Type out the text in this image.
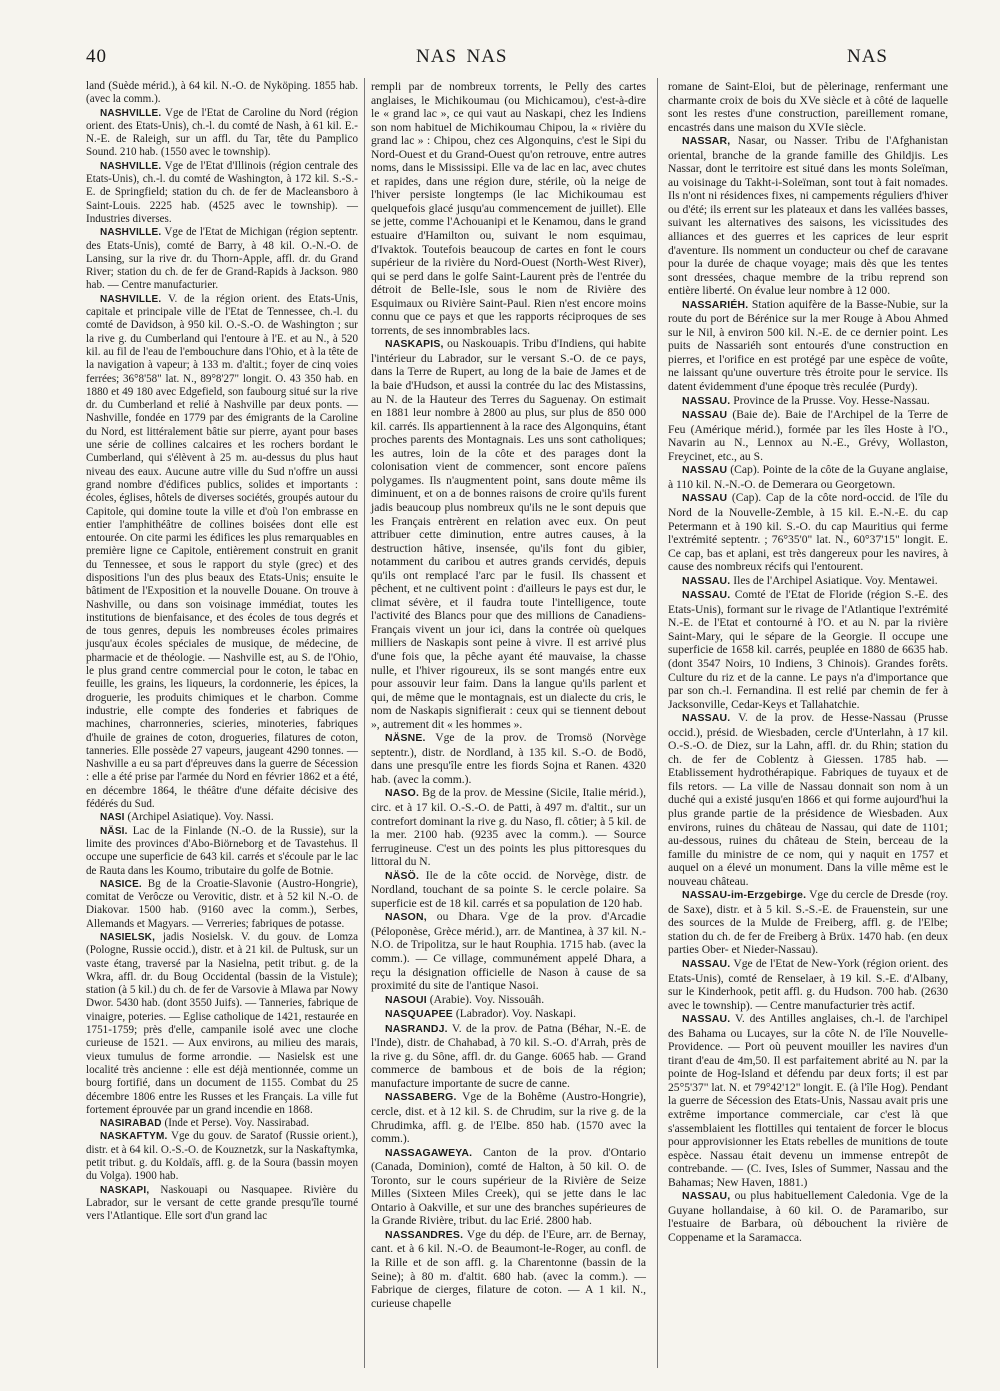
40	NAS	NAS
NAS

land (Suède mérid.), à 64 kil. N.-O. de Nyköping. 1855 hab. (avec la comm.).

NASHVILLE. Vge de l'Etat de Caroline du Nord (région orient. des Etats-Unis), ch.-l. du comté de Nash, à 61 kil. E.-N.-E. de Raleigh, sur un affl. du Tar, tête du Pamplico Sound. 210 hab. (1550 avec le township).

NASHVILLE. Vge de l'Etat d'Illinois (région centrale des Etats-Unis), ch.-l. du comté de Washington, à 172 kil. S.-S.-E. de Springfield; station du ch. de fer de Macleansboro à Saint-Louis. 2225 hab. (4525 avec le township). — Industries diverses.

NASHVILLE. Vge de l'Etat de Michigan (région septentr. des Etats-Unis), comté de Barry, à 48 kil. O.-N.-O. de Lansing, sur la rive dr. du Thorn-Apple, affl. dr. du Grand River; station du ch. de fer de Grand-Rapids à Jackson. 980 hab. — Centre manufacturier.

NASHVILLE. V. de la région orient. des Etats-Unis, capitale et principale ville de l'Etat de Tennessee, ch.-l. du comté de Davidson, à 950 kil. O.-S.-O. de Washington ; sur la rive g. du Cumberland qui l'entoure à l'E. et au N., à 520 kil. au fil de l'eau de l'embouchure dans l'Ohio, et à la tête de la navigation à vapeur; à 133 m. d'altit.; foyer de cinq voies ferrées; 36°8'58" lat. N., 89°8'27" longit. O. 43 350 hab. en 1880 et 49 180 avec Edgefield, son faubourg situé sur la rive dr. du Cumberland et relié à Nashville par deux ponts. — Nashville, fondée en 1779 par des émigrants de la Caroline du Nord, est littéralement bâtie sur pierre, ayant pour bases une série de collines calcaires et les rochers bordant le Cumberland, qui s'élèvent à 25 m. au-dessus du plus haut niveau des eaux. Aucune autre ville du Sud n'offre un aussi grand nombre d'édifices publics, solides et importants : écoles, églises, hôtels de diverses sociétés, groupés autour du Capitole, qui domine toute la ville et d'où l'on embrasse en entier l'amphithéâtre de collines boisées dont elle est entourée. On cite parmi les édifices les plus remarquables en première ligne ce Capitole, entièrement construit en granit du Tennessee, et sous le rapport du style (grec) et des dispositions l'un des plus beaux des Etats-Unis; ensuite le bâtiment de l'Exposition et la nouvelle Douane. On trouve à Nashville, ou dans son voisinage immédiat, toutes les institutions de bienfaisance, et des écoles de tous degrés et de tous genres, depuis les nombreuses écoles primaires jusqu'aux écoles spéciales de musique, de médecine, de pharmacie et de théologie. — Nashville est, au S. de l'Ohio, le plus grand centre commercial pour le coton, le tabac en feuille, les grains, les liqueurs, la cordonnerie, les épices, la droguerie, les produits chimiques et le charbon. Comme industrie, elle compte des fonderies et fabriques de machines, charronneries, scieries, minoteries, fabriques d'huile de graines de coton, drogueries, filatures de coton, tanneries. Elle possède 27 vapeurs, jaugeant 4290 tonnes. — Nashville a eu sa part d'épreuves dans la guerre de Sécession : elle a été prise par l'armée du Nord en février 1862 et a été, en décembre 1864, le théâtre d'une défaite décisive des fédérés du Sud.

NASI (Archipel Asiatique). Voy. Nassi.

NÄSI. Lac de la Finlande (N.-O. de la Russie), sur la limite des provinces d'Abo-Biörneborg et de Tavastehus. Il occupe une superficie de 643 kil. carrés et s'écoule par le lac de Rauta dans les Koumo, tributaire du golfe de Botnie.

NASICE. Bg de la Croatie-Slavonie (Austro-Hongrie), comitat de Verôcze ou Verovitic, distr. et à 52 kil N.-O. de Diakovar. 1500 hab. (9160 avec la comm.), Serbes, Allemands et Magyars. — Verreries; fabriques de potasse.

NASIELSK, jadis Nosielsk. V. du gouv. de Lomza (Pologne, Russie occid.), distr. et à 21 kil. de Pultusk, sur un vaste étang, traversé par la Nasielna, petit tribut. g. de la Wkra, affl. dr. du Boug Occidental (bassin de la Vistule); station (à 5 kil.) du ch. de fer de Varsovie à Mlawa par Nowy Dwor. 5430 hab. (dont 3550 Juifs). — Tanneries, fabrique de vinaigre, poteries. — Eglise catholique de 1421, restaurée en 1751-1759; près d'elle, campanile isolé avec une cloche curieuse de 1521. — Aux environs, au milieu des marais, vieux tumulus de forme arrondie. — Nasielsk est une localité très ancienne : elle est déjà mentionnée, comme un bourg fortifié, dans un document de 1155. Combat du 25 décembre 1806 entre les Russes et les Français. La ville fut fortement éprouvée par un grand incendie en 1868.

NASIRABAD (Inde et Perse). Voy. Nassirabad.

NASKAFTYM. Vge du gouv. de Saratof (Russie orient.), distr. et à 64 kil. O.-S.-O. de Kouznetzk, sur la Naskaftymka, petit tribut. g. du Koldaïs, affl. g. de la Soura (bassin moyen du Volga). 1900 hab.

NASKAPI, Naskouapi ou Nasquapee. Rivière du Labrador, sur le versant de cette grande presqu'île tourné vers l'Atlantique. Elle sort d'un grand lac

rempli par de nombreux torrents, le Pelly des cartes anglaises, le Michikoumau (ou Michicamou), c'est-à-dire le « grand lac », ce qui vaut au Naskapi, chez les Indiens son nom habituel de Michikoumau Chipou, la « rivière du grand lac » : Chipou, chez ces Algonquins, c'est le Sipi du Nord-Ouest et du Grand-Ouest qu'on retrouve, entre autres noms, dans le Mississipi. Elle va de lac en lac, avec chutes et rapides, dans une région dure, stérile, où la neige de l'hiver persiste longtemps (le lac Michikoumau est quelquefois glacé jusqu'au commencement de juillet). Elle se jette, comme l'Achouanipi et le Kenamou, dans le grand estuaire d'Hamilton ou, suivant le nom esquimau, d'Ivaktok. Toutefois beaucoup de cartes en font le cours supérieur de la rivière du Nord-Ouest (North-West River), qui se perd dans le golfe Saint-Laurent près de l'entrée du détroit de Belle-Isle, sous le nom de Rivière des Esquimaux ou Rivière Saint-Paul. Rien n'est encore moins connu que ce pays et que les rapports réciproques de ses torrents, de ses innombrables lacs.

NASKAPIS, ou Naskouapis. Tribu d'Indiens, qui habite l'intérieur du Labrador, sur le versant S.-O. de ce pays, dans la Terre de Rupert, au long de la baie de James et de la baie d'Hudson, et aussi la contrée du lac des Mistassins, au N. de la Hauteur des Terres du Saguenay. On estimait en 1881 leur nombre à 2800 au plus, sur plus de 850 000 kil. carrés. Ils appartiennent à la race des Algonquins, étant proches parents des Montagnais. Les uns sont catholiques; les autres, loin de la côte et des parages dont la colonisation vient de commencer, sont encore païens polygames. Ils n'augmentent point, sans doute même ils diminuent, et on a de bonnes raisons de croire qu'ils furent jadis beaucoup plus nombreux qu'ils ne le sont depuis que les Français entrèrent en relation avec eux. On peut attribuer cette diminution, entre autres causes, à la destruction hâtive, insensée, qu'ils font du gibier, notamment du caribou et autres grands cervidés, depuis qu'ils ont remplacé l'arc par le fusil. Ils chassent et pêchent, et ne cultivent point : d'ailleurs le pays est dur, le climat sévère, et il faudra toute l'intelligence, toute l'activité des Blancs pour que des millions de Canadiens-Français vivent un jour ici, dans la contrée où quelques milliers de Naskapis sont peine à vivre. Il est arrivé plus d'une fois que, la pêche ayant été mauvaise, la chasse nulle, et l'hiver rigoureux, ils se sont mangés entre eux pour assouvir leur faim. Dans la langue qu'ils parlent et qui, de même que le montagnais, est un dialecte du cris, le nom de Naskapis signifierait : ceux qui se tiennent debout », autrement dit « les hommes ».

NÄSNE. Vge de la prov. de Tromsö (Norvège septentr.), distr. de Nordland, à 135 kil. S.-O. de Bodö, dans une presqu'île entre les fiords Sojna et Ranen. 4320 hab. (avec la comm.).

NASO. Bg de la prov. de Messine (Sicile, Italie mérid.), circ. et à 17 kil. O.-S.-O. de Patti, à 497 m. d'altit., sur un contrefort dominant la rive g. du Naso, fl. côtier; à 5 kil. de la mer. 2100 hab. (9235 avec la comm.). — Source ferrugineuse. C'est un des points les plus pittoresques du littoral du N.

NÄSÖ. Ile de la côte occid. de Norvège, distr. de Nordland, touchant de sa pointe S. le cercle polaire. Sa superficie est de 18 kil. carrés et sa population de 120 hab.

NASON, ou Dhara. Vge de la prov. d'Arcadie (Péloponèse, Grèce mérid.), arr. de Mantinea, à 37 kil. N.-N.O. de Tripolitza, sur le haut Rouphia. 1715 hab. (avec la comm.). — Ce village, communément appelé Dhara, a reçu la désignation officielle de Nason à cause de sa proximité du site de l'antique Nasoi.

NASOUI (Arabie). Voy. Nissouâh.

NASQUAPEE (Labrador). Voy. Naskapi.

NASRANDJ. V. de la prov. de Patna (Béhar, N.-E. de l'Inde), distr. de Chahabad, à 70 kil. S.-O. d'Arrah, près de la rive g. du Sône, affl. dr. du Gange. 6065 hab. — Grand commerce de bambous et de bois de la région; manufacture importante de sucre de canne.

NASSABERG. Vge de la Bohême (Austro-Hongrie), cercle, dist. et à 12 kil. S. de Chrudim, sur la rive g. de la Chrudimka, affl. g. de l'Elbe. 850 hab. (1570 avec la comm.).

NASSAGAWEYA. Canton de la prov. d'Ontario (Canada, Dominion), comté de Halton, à 50 kil. O. de Toronto, sur le cours supérieur de la Rivière de Seize Milles (Sixteen Miles Creek), qui se jette dans le lac Ontario à Oakville, et sur une des branches supérieures de la Grande Rivière, tribut. du lac Erié. 2800 hab.

NASSANDRES. Vge du dép. de l'Eure, arr. de Bernay, cant. et à 6 kil. N.-O. de Beaumont-le-Roger, au confl. de la Rille et de son affl. g. la Charentonne (bassin de la Seine); à 80 m. d'altit. 680 hab. (avec la comm.). — Fabrique de cierges, filature de coton. — A 1 kil. N., curieuse chapelle

romane de Saint-Eloi, but de pèlerinage, renfermant une charmante croix de bois du XVe siècle et à côté de laquelle sont les restes d'une construction, pareillement romane, encastrés dans une maison du XVIe siècle.

NASSAR, Nasar, ou Nasser. Tribu de l'Afghanistan oriental, branche de la grande famille des Ghildjis. Les Nassar, dont le territoire est situé dans les monts Soleïman, au voisinage du Takht-i-Soleïman, sont tout à fait nomades. Ils n'ont ni résidences fixes, ni campements réguliers d'hiver ou d'été; ils errent sur les plateaux et dans les vallées basses, suivant les alternatives des saisons, les vicissitudes des alliances et des guerres et les caprices de leur esprit d'aventure. Ils nomment un conducteur ou chef de caravane pour la durée de chaque voyage; mais dès que les tentes sont dressées, chaque membre de la tribu reprend son entière liberté. On évalue leur nombre à 12 000.

NASSARIÉH. Station aquifère de la Basse-Nubie, sur la route du port de Bérénice sur la mer Rouge à Abou Ahmed sur le Nil, à environ 500 kil. N.-E. de ce dernier point. Les puits de Nassariéh sont entourés d'une construction en pierres, et l'orifice en est protégé par une espèce de voûte, ne laissant qu'une ouverture très étroite pour le service. Ils datent évidemment d'une époque très reculée (Purdy).

NASSAU. Province de la Prusse. Voy. Hesse-Nassau.

NASSAU (Baie de). Baie de l'Archipel de la Terre de Feu (Amérique mérid.), formée par les îles Hoste à l'O., Navarin au N., Lennox au N.-E., Grévy, Wollaston, Freycinet, etc., au S.

NASSAU (Cap). Pointe de la côte de la Guyane anglaise, à 110 kil. N.-N.-O. de Demerara ou Georgetown.

NASSAU (Cap). Cap de la côte nord-occid. de l'île du Nord de la Nouvelle-Zemble, à 15 kil. E.-N.-E. du cap Petermann et à 190 kil. S.-O. du cap Mauritius qui ferme l'extrémité septentr. ; 76°35'0" lat. N., 60°37'15" longit. E. Ce cap, bas et aplani, est très dangereux pour les navires, à cause des nombreux récifs qui l'entourent.

NASSAU. Iles de l'Archipel Asiatique. Voy. Mentawei.

NASSAU. Comté de l'Etat de Floride (région S.-E. des Etats-Unis), formant sur le rivage de l'Atlantique l'extrémité N.-E. de l'Etat et contourné à l'O. et au N. par la rivière Saint-Mary, qui le sépare de la Georgie. Il occupe une superficie de 1658 kil. carrés, peuplée en 1880 de 6635 hab. (dont 3547 Noirs, 10 Indiens, 3 Chinois). Grandes forêts. Culture du riz et de la canne. Le pays n'a d'importance que par son ch.-l. Fernandina. Il est relié par chemin de fer à Jacksonville, Cedar-Keys et Tallahatchie.

NASSAU. V. de la prov. de Hesse-Nassau (Prusse occid.), présid. de Wiesbaden, cercle d'Unterlahn, à 17 kil. O.-S.-O. de Diez, sur la Lahn, affl. dr. du Rhin; station du ch. de fer de Coblentz à Giessen. 1785 hab. — Etablissement hydrothérapique. Fabriques de tuyaux et de fils retors. — La ville de Nassau donnait son nom à un duché qui a existé jusqu'en 1866 et qui forme aujourd'hui la plus grande partie de la présidence de Wiesbaden. Aux environs, ruines du château de Nassau, qui date de 1101; au-dessous, ruines du château de Stein, berceau de la famille du ministre de ce nom, qui y naquit en 1757 et auquel on a élevé un monument. Dans la ville même est le nouveau château.

NASSAU-im-Erzgebirge. Vge du cercle de Dresde (roy. de Saxe), distr. et à 5 kil. S.-S.-E. de Frauenstein, sur une des sources de la Mulde de Freiberg, affl. g. de l'Elbe; station du ch. de fer de Freiberg à Brüx. 1470 hab. (en deux parties Ober- et Nieder-Nassau).

NASSAU. Vge de l'Etat de New-York (région orient. des Etats-Unis), comté de Renselaer, à 19 kil. S.-E. d'Albany, sur le Kinderhook, petit affl. g. du Hudson. 700 hab. (2630 avec le township). — Centre manufacturier très actif.

NASSAU. V. des Antilles anglaises, ch.-l. de l'archipel des Bahama ou Lucayes, sur la côte N. de l'île Nouvelle-Providence. — Port où peuvent mouiller les navires d'un tirant d'eau de 4m,50. Il est parfaitement abrité au N. par la pointe de Hog-Island et défendu par deux forts; il est par 25°5'37" lat. N. et 79°42'12" longit. E. (à l'île Hog). Pendant la guerre de Sécession des Etats-Unis, Nassau avait pris une extrême importance commerciale, car c'est là que s'assemblaient les flottilles qui tentaient de forcer le blocus pour approvisionner les Etats rebelles de munitions de toute espèce. Nassau était devenu un immense entrepôt de contrebande. — (C. Ives, Isles of Summer, Nassau and the Bahamas; New Haven, 1881.)

NASSAU, ou plus habituellement Caledonia. Vge de la Guyane hollandaise, à 60 kil. O. de Paramaribo, sur l'estuaire de Barbara, où débouchent la rivière de Coppename et la Saramacca.
